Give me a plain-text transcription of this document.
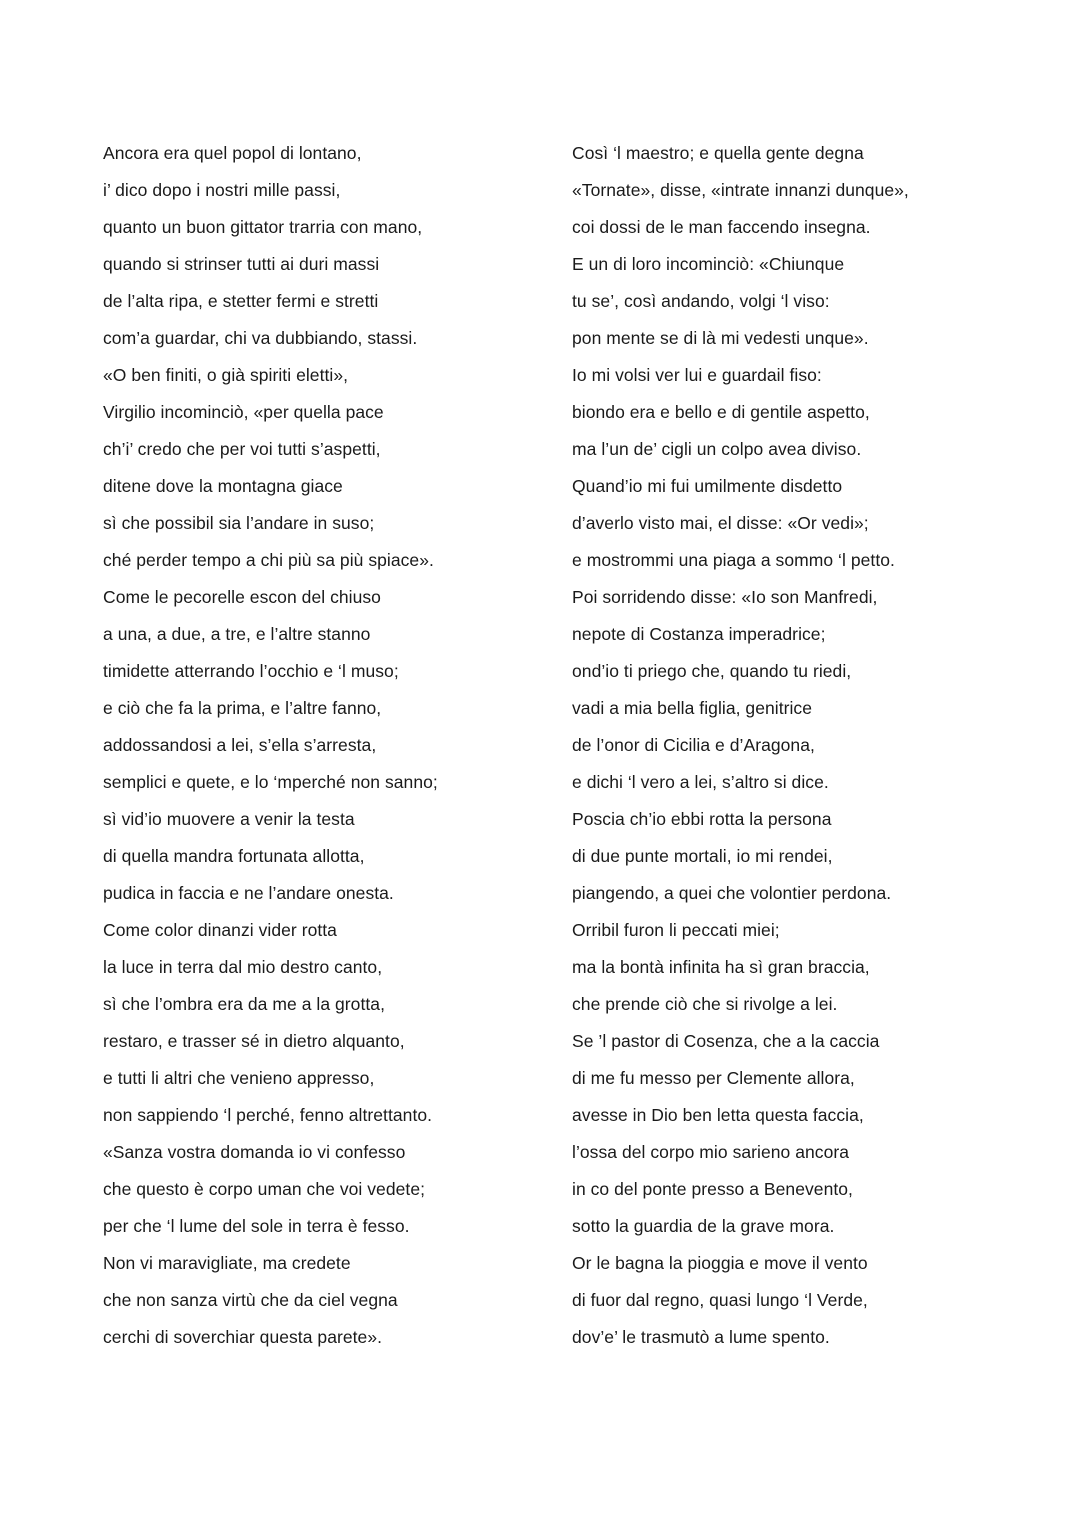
Ancora era quel popol di lontano,
i’ dico dopo i nostri mille passi,
quanto un buon gittator trarria con mano,
quando si strinser tutti ai duri massi
de l’alta ripa, e stetter fermi e stretti
com’a guardar, chi va dubbiando, stassi.
«O ben finiti, o già spiriti eletti»,
Virgilio incominciò, «per quella pace
ch’i’ credo che per voi tutti s’aspetti,
ditene dove la montagna giace
sì che possibil sia l’andare in suso;
ché perder tempo a chi più sa più spiace».
Come le pecorelle escon del chiuso
a una, a due, a tre, e l’altre stanno
timidette atterrando l’occhio e ‘l muso;
e ciò che fa la prima, e l’altre fanno,
addossandosi a lei, s’ella s’arresta,
semplici e quete, e lo ‘mperché non sanno;
sì vid’io muovere a venir la testa
di quella mandra fortunata allotta,
pudica in faccia e ne l’andare onesta.
Come color dinanzi vider rotta
la luce in terra dal mio destro canto,
sì che l’ombra era da me a la grotta,
restaro, e trasser sé in dietro alquanto,
e tutti li altri che venieno appresso,
non sappiendo ‘l perché, fenno altrettanto.
«Sanza vostra domanda io vi confesso
che questo è corpo uman che voi vedete;
per che ‘l lume del sole in terra è fesso.
Non vi maravigliate, ma credete
che non sanza virtù che da ciel vegna
cerchi di soverchiar questa parete».
Così ‘l maestro; e quella gente degna
«Tornate», disse, «intrate innanzi dunque»,
coi dossi de le man faccendo insegna.
E un di loro incominciò: «Chiunque
tu se’, così andando, volgi ‘l viso:
pon mente se di là mi vedesti unque».
Io mi volsi ver lui e guardail fiso:
biondo era e bello e di gentile aspetto,
ma l’un de’ cigli un colpo avea diviso.
Quand’io mi fui umilmente disdetto
d’averlo visto mai, el disse: «Or vedi»;
e mostrommi una piaga a sommo ‘l petto.
Poi sorridendo disse: «Io son Manfredi,
nepote di Costanza imperadrice;
ond’io ti priego che, quando tu riedi,
vadi a mia bella figlia, genitrice
de l’onor di Cicilia e d’Aragona,
e dichi ‘l vero a lei, s’altro si dice.
Poscia ch’io ebbi rotta la persona
di due punte mortali, io mi rendei,
piangendo, a quei che volontier perdona.
Orribil furon li peccati miei;
ma la bontà infinita ha sì gran braccia,
che prende ciò che si rivolge a lei.
Se ’l pastor di Cosenza, che a la caccia
di me fu messo per Clemente allora,
avesse in Dio ben letta questa faccia,
l’ossa del corpo mio sarieno ancora
in co del ponte presso a Benevento,
sotto la guardia de la grave mora.
Or le bagna la pioggia e move il vento
di fuor dal regno, quasi lungo ‘l Verde,
dov’e’ le trasmutò a lume spento.
